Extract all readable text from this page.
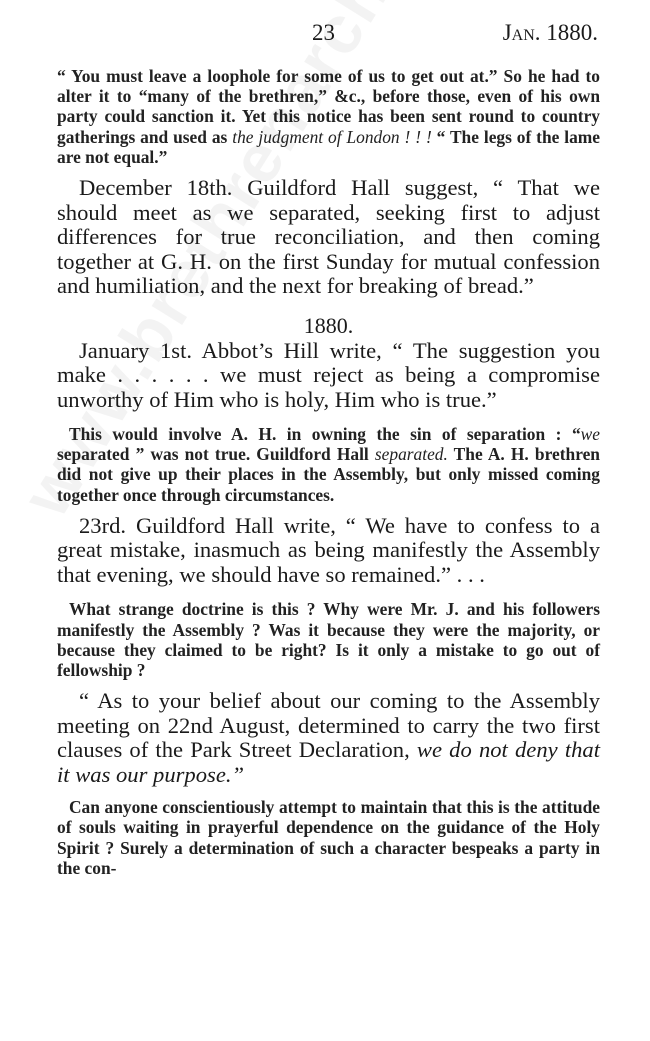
23	Jan. 1880.

“ You must leave a loophole for some of us to get out at.” So he had to alter it to “many of the brethren,” &c., before those, even of his own party could sanction it. Yet this notice has been sent round to country gatherings and used as the judgment of London ! ! ! “ The legs of the lame are not equal.”

December 18th. Guildford Hall suggest, “ That we should meet as we separated, seeking first to adjust differences for true reconciliation, and then coming together at G. H. on the first Sunday for mutual confession and humiliation, and the next for breaking of bread.”

1880.

January 1st. Abbot’s Hill write, “ The suggestion you make . . . . . . we must reject as being a compromise unworthy of Him who is holy, Him who is true.”

This would involve A. H. in owning the sin of separation : “we separated ” was not true. Guildford Hall separated. The A. H. brethren did not give up their places in the Assembly, but only missed coming together once through circumstances.

23rd. Guildford Hall write, “ We have to confess to a great mistake, inasmuch as being manifestly the Assembly that evening, we should have so remained.” . . .

What strange doctrine is this ? Why were Mr. J. and his followers manifestly the Assembly ? Was it because they were the majority, or because they claimed to be right? Is it only a mistake to go out of fellowship ?

“ As to your belief about our coming to the Assembly meeting on 22nd August, determined to carry the two first clauses of the Park Street Declaration, we do not deny that it was our purpose.”

Can anyone conscientiously attempt to maintain that this is the attitude of souls waiting in prayerful dependence on the guidance of the Holy Spirit ? Surely a determination of such a character bespeaks a party in the con-
